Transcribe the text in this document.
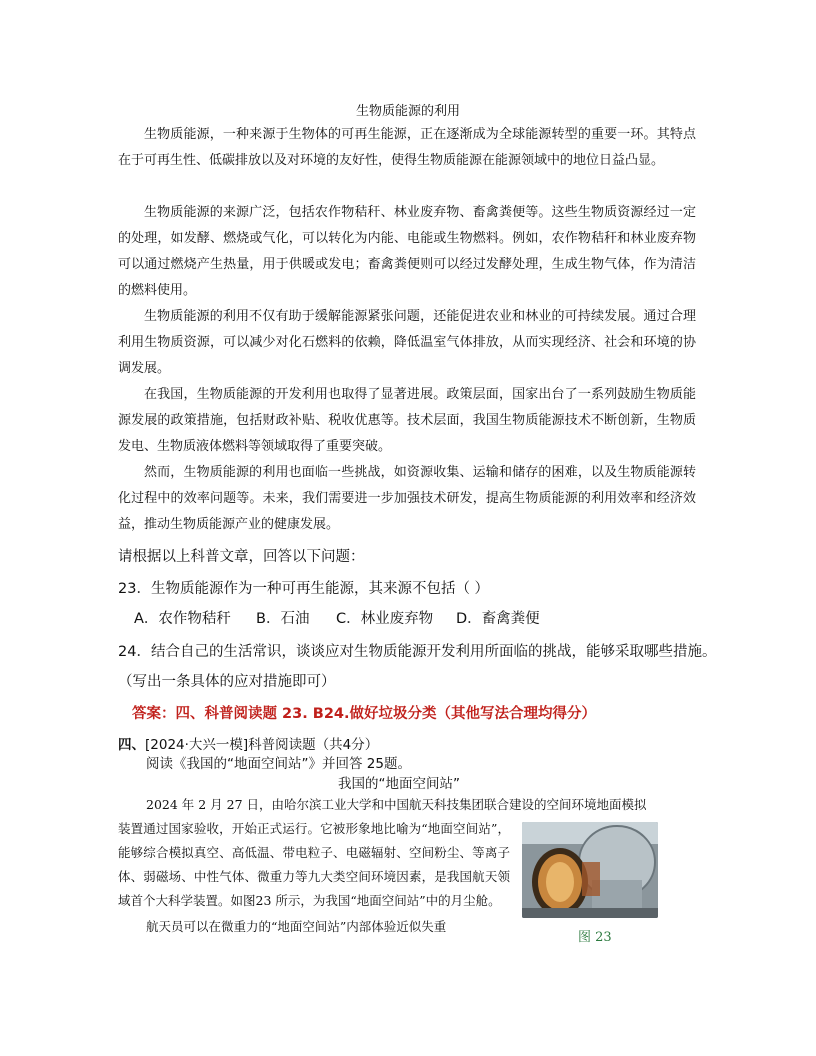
生物质能源的利用

生物质能源，一种来源于生物体的可再生能源，正在逐渐成为全球能源转型的重要一环。其特点在于可再生性、低碳排放以及对环境的友好性，使得生物质能源在能源领域中的地位日益凸显。

生物质能源的来源广泛，包括农作物秸秆、林业废弃物、畜禽粪便等。这些生物质资源经过一定的处理，如发酵、燃烧或气化，可以转化为内能、电能或生物燃料。例如，农作物秸秆和林业废弃物可以通过燃烧产生热量，用于供暖或发电；畜禽粪便则可以经过发酵处理，生成生物气体，作为清洁的燃料使用。

生物质能源的利用不仅有助于缓解能源紧张问题，还能促进农业和林业的可持续发展。通过合理利用生物质资源，可以减少对化石燃料的依赖，降低温室气体排放，从而实现经济、社会和环境的协调发展。

在我国，生物质能源的开发利用也取得了显著进展。政策层面，国家出台了一系列鼓励生物质能源发展的政策措施，包括财政补贴、税收优惠等。技术层面，我国生物质能源技术不断创新，生物质发电、生物质液体燃料等领域取得了重要突破。

然而，生物质能源的利用也面临一些挑战，如资源收集、运输和储存的困难，以及生物质能源转化过程中的效率问题等。未来，我们需要进一步加强技术研发，提高生物质能源的利用效率和经济效益，推动生物质能源产业的健康发展。

请根据以上科普文章，回答以下问题：
23．生物质能源作为一种可再生能源，其来源不包括（ ）
A．农作物秸秆 B．石油 C．林业废弃物 D．畜禽粪便
24．结合自己的生活常识，谈谈应对生物质能源开发利用所面临的挑战，能够采取哪些措施。
（写出一条具体的应对措施即可）
答案：四、科普阅读题 23. B24.做好垃圾分类（其他写法合理均得分）
四、[2024·大兴一模]科普阅读题（共4分）
阅读《我国的“地面空间站”》并回答 25题。
我国的“地面空间站”

2024 年 2 月 27 日，由哈尔滨工业大学和中国航天科技集团联合建设的空间环境地面模拟

装置通过国家验收，开始正式运行。它被形象地比喻为“地面空间站”，能够综合模拟真空、高低温、带电粒子、电磁辐射、空间粉尘、等离子体、弱磁场、中性气体、微重力等九大类空间环境因素，是我国航天领域首个大科学装置。如图23 所示，为我国“地面空间站”中的月尘舱。

航天员可以在微重力的“地面空间站”内部体验近似失重

图 23
